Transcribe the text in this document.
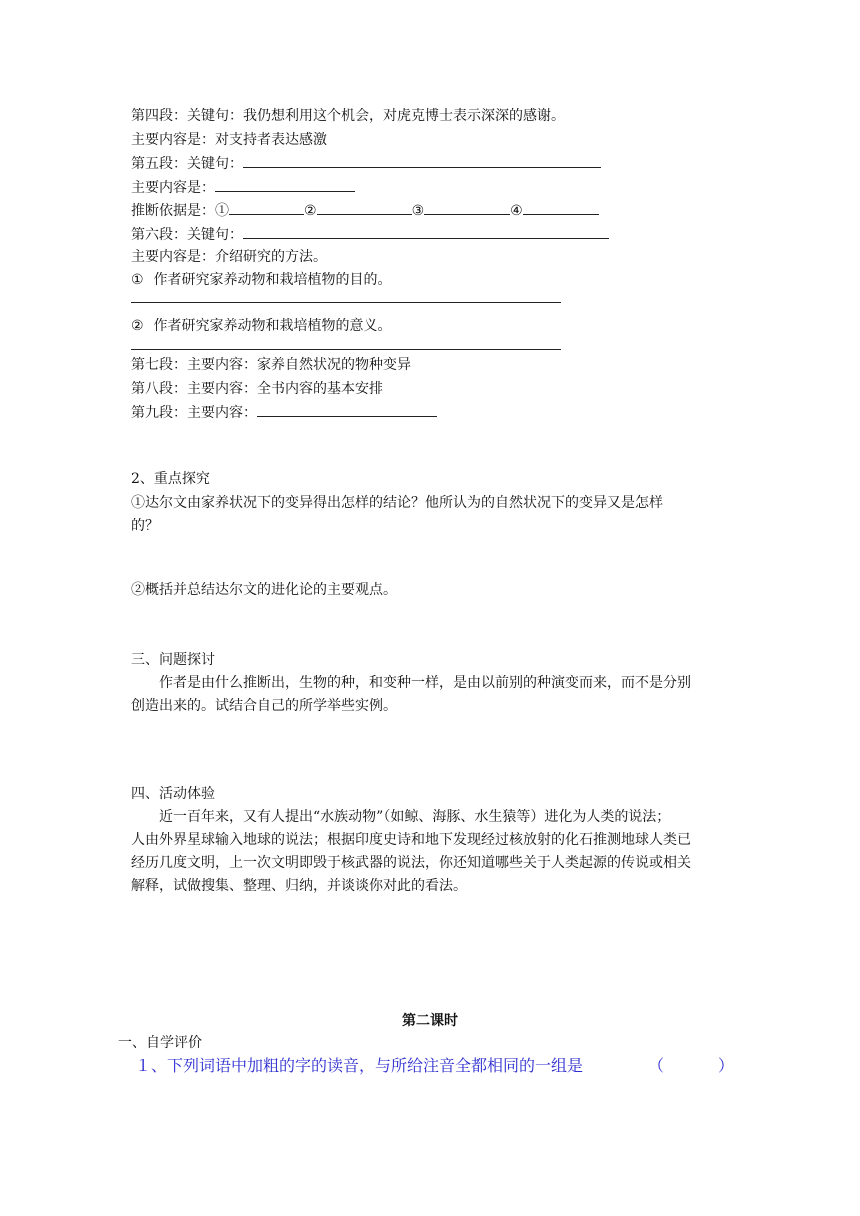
第四段：关键句：我仍想利用这个机会，对虎克博士表示深深的感谢。
主要内容是：对支持者表达感激
第五段：关键句：
主要内容是：
推断依据是：①	②	③	④
第六段：关键句：
主要内容是：介绍研究的方法。
① 作者研究家养动物和栽培植物的目的。
② 作者研究家养动物和栽培植物的意义。
第七段：主要内容：家养自然状况的物种变异
第八段：主要内容：全书内容的基本安排
第九段：主要内容：
2、重点探究
①达尔文由家养状况下的变异得出怎样的结论？他所认为的自然状况下的变异又是怎样
的？
②概括并总结达尔文的进化论的主要观点。
三、问题探讨
作者是由什么推断出，生物的种，和变种一样，是由以前别的种演变而来，而不是分别
创造出来的。试结合自己的所学举些实例。
四、活动体验
近一百年来，又有人提出“水族动物”（如鲸、海豚、水生猿等）进化为人类的说法；
人由外界星球输入地球的说法；根据印度史诗和地下发现经过核放射的化石推测地球人类已
经历几度文明，上一次文明即毁于核武器的说法，你还知道哪些关于人类起源的传说或相关
解释，试做搜集、整理、归纳，并谈谈你对此的看法。
第二课时
一、自学评价
１、下列词语中加粗的字的读音，与所给注音全都相同的一组是	（	）
